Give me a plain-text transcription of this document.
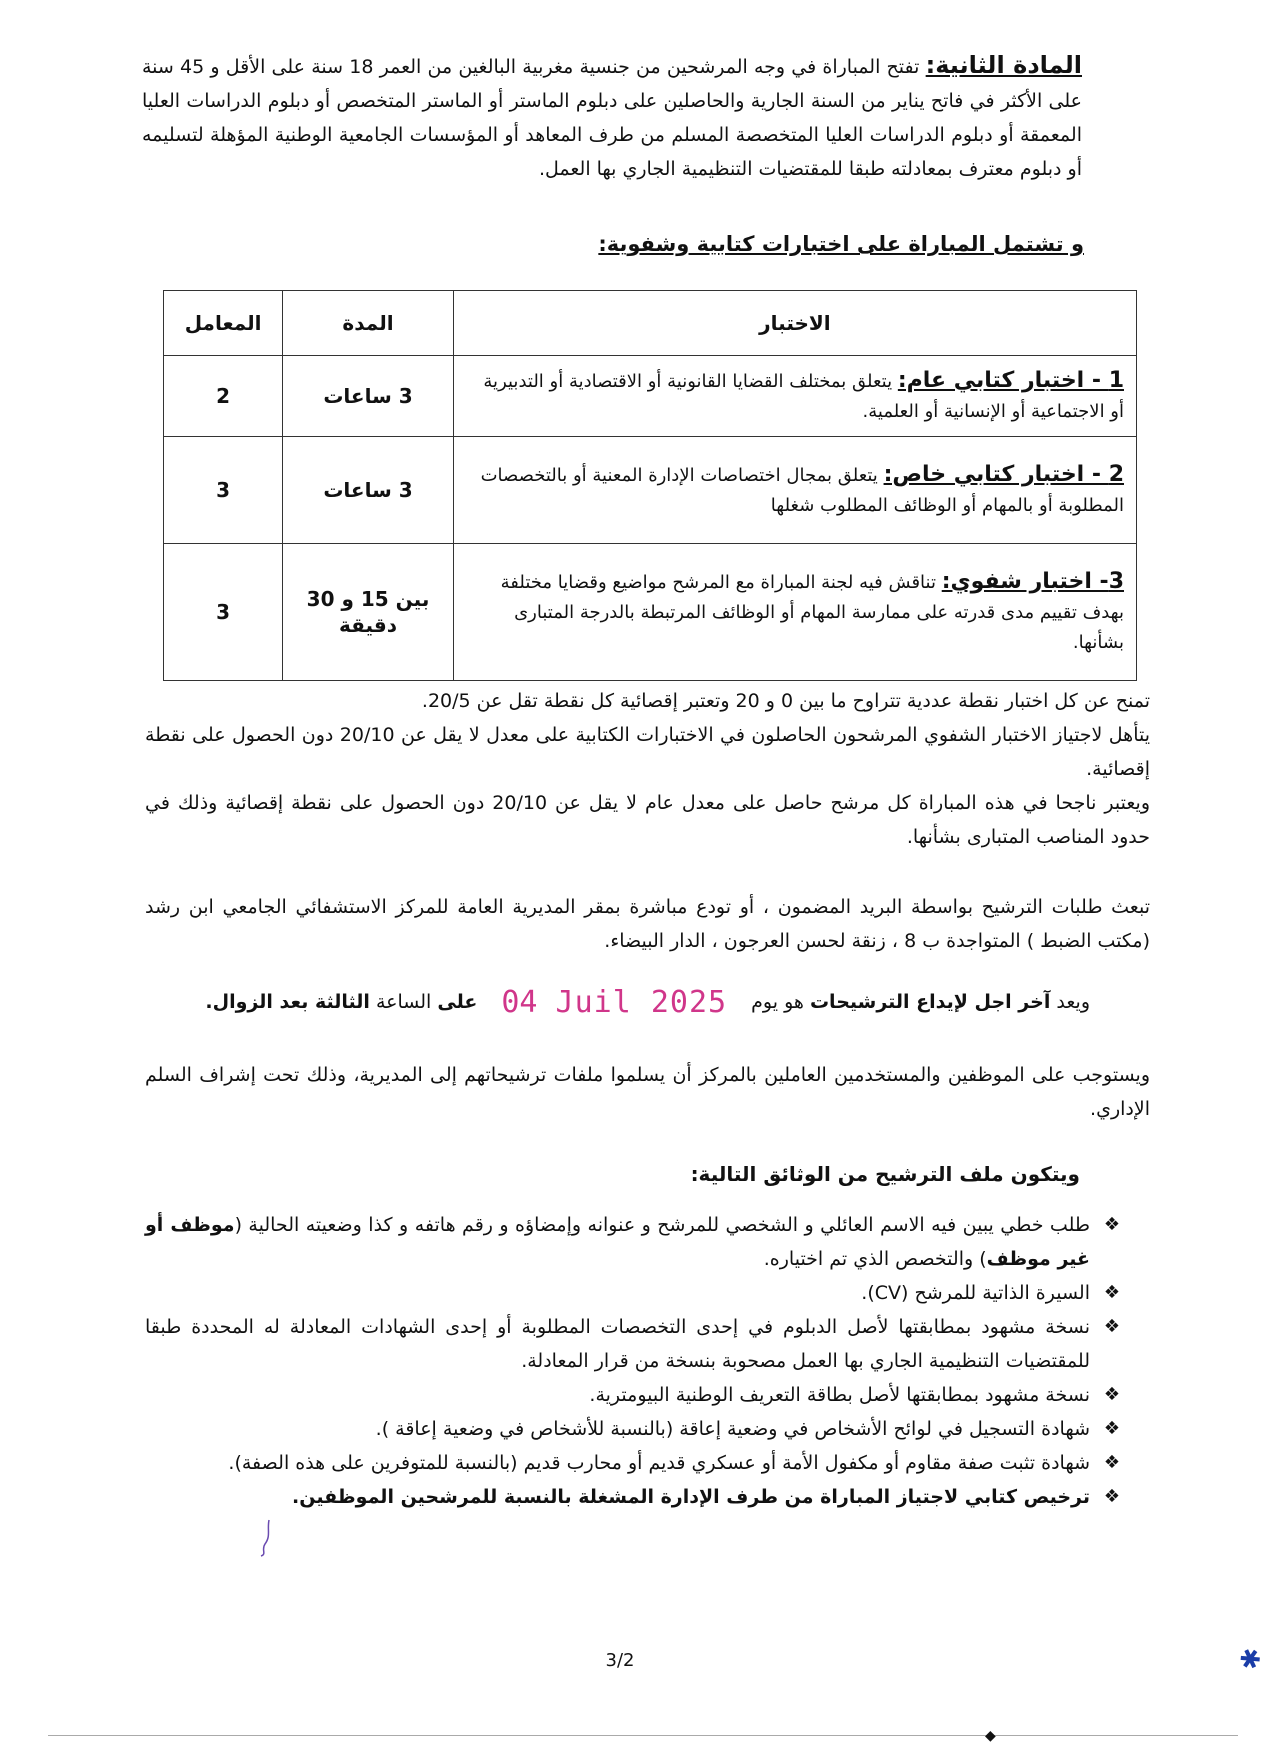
المادة الثانية: تفتح المباراة في وجه المرشحين من جنسية مغربية البالغين من العمر 18 سنة على الأقل و 45 سنة على الأكثر في فاتح يناير من السنة الجارية والحاصلين على دبلوم الماستر أو الماستر المتخصص أو دبلوم الدراسات العليا المعمقة أو دبلوم الدراسات العليا المتخصصة المسلم من طرف المعاهد أو المؤسسات الجامعية الوطنية المؤهلة لتسليمه أو دبلوم معترف بمعادلته طبقا للمقتضيات التنظيمية الجاري بها العمل.
و تشتمل المباراة على اختبارات كتابية وشفوية:
الاختبار	المدة	المعامل
1 - اختبار كتابي عام: يتعلق بمختلف القضايا القانونية أو الاقتصادية أو التدبيرية أو الاجتماعية أو الإنسانية أو العلمية.	3 ساعات	2
2 - اختبار كتابي خاص: يتعلق بمجال اختصاصات الإدارة المعنية أو بالتخصصات المطلوبة أو بالمهام أو الوظائف المطلوب شغلها	3 ساعات	3
3- اختبار شفوي: تناقش فيه لجنة المباراة مع المرشح مواضيع وقضايا مختلفة بهدف تقييم مدى قدرته على ممارسة المهام أو الوظائف المرتبطة بالدرجة المتبارى بشأنها.	بين 15 و 30 دقيقة	3
تمنح عن كل اختبار نقطة عددية تتراوح ما بين 0 و 20 وتعتبر إقصائية كل نقطة تقل عن 20/5.
يتأهل لاجتياز الاختبار الشفوي المرشحون الحاصلون في الاختبارات الكتابية على معدل لا يقل عن 20/10 دون الحصول على نقطة إقصائية.
ويعتبر ناجحا في هذه المباراة كل مرشح حاصل على معدل عام لا يقل عن 20/10 دون الحصول على نقطة إقصائية وذلك في حدود المناصب المتبارى بشأنها.
تبعث طلبات الترشيح بواسطة البريد المضمون ، أو تودع مباشرة بمقر المديرية العامة للمركز الاستشفائي الجامعي ابن رشد (مكتب الضبط ) المتواجدة ب 8 ، زنقة لحسن العرجون ، الدار البيضاء.
ويعد آخر اجل لإيداع الترشيحات هو يوم 04 Juil 2025 على الساعة الثالثة بعد الزوال.
ويستوجب على الموظفين والمستخدمين العاملين بالمركز أن يسلموا ملفات ترشيحاتهم إلى المديرية، وذلك تحت إشراف السلم الإداري.
ويتكون ملف الترشيح من الوثائق التالية:
❖
طلب خطي يبين فيه الاسم العائلي و الشخصي للمرشح و عنوانه وإمضاؤه و رقم هاتفه و كذا وضعيته الحالية (موظف أو غير موظف) والتخصص الذي تم اختياره.
❖
السيرة الذاتية للمرشح (CV).
❖
نسخة مشهود بمطابقتها لأصل الدبلوم في إحدى التخصصات المطلوبة أو إحدى الشهادات المعادلة له المحددة طبقا للمقتضيات التنظيمية الجاري بها العمل مصحوبة بنسخة من قرار المعادلة.
❖
نسخة مشهود بمطابقتها لأصل بطاقة التعريف الوطنية البيومترية.
❖
شهادة التسجيل في لوائح الأشخاص في وضعية إعاقة (بالنسبة للأشخاص في وضعية إعاقة ).
❖
شهادة تثبت صفة مقاوم أو مكفول الأمة أو عسكري قديم أو محارب قديم (بالنسبة للمتوفرين على هذه الصفة).
❖
ترخيص كتابي لاجتياز المباراة من طرف الإدارة المشغلة بالنسبة للمرشحين الموظفين.
3/2	✱
◆
